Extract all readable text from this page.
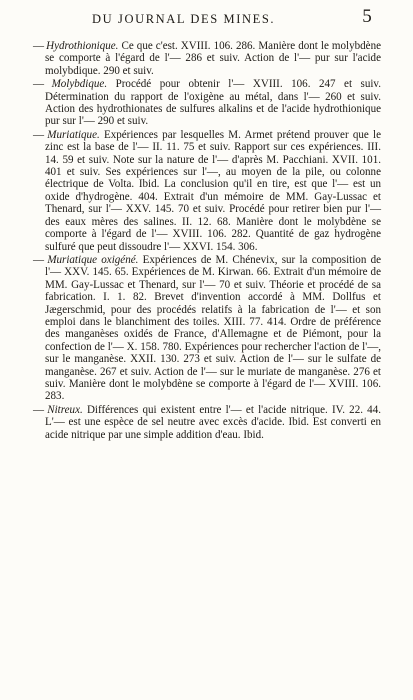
DU JOURNAL DES MINES.	5

— Hydrothionique. Ce que c'est. XVIII. 106. 286. Manière dont le molybdène se comporte à l'égard de l'— 286 et suiv. Action de l'— pur sur l'acide molybdique. 290 et suiv.

— Molybdique. Procédé pour obtenir l'— XVIII. 106. 247 et suiv. Détermination du rapport de l'oxigène au métal, dans l'— 260 et suiv. Action des hydrothionates de sulfures alkalins et de l'acide hydrothionique pur sur l'— 290 et suiv.

— Muriatique. Expériences par lesquelles M. Armet prétend prouver que le zinc est la base de l'— II. 11. 75 et suiv. Rapport sur ces expériences. III. 14. 59 et suiv. Note sur la nature de l'— d'après M. Pacchiani. XVII. 101. 401 et suiv. Ses expériences sur l'—, au moyen de la pile, ou colonne électrique de Volta. Ibid. La conclusion qu'il en tire, est que l'— est un oxide d'hydrogène. 404. Extrait d'un mémoire de MM. Gay-Lussac et Thenard, sur l'— XXV. 145. 70 et suiv. Procédé pour retirer bien pur l'— des eaux mères des salines. II. 12. 68. Manière dont le molybdène se comporte à l'égard de l'— XVIII. 106. 282. Quantité de gaz hydrogène sulfuré que peut dissoudre l'— XXVI. 154. 306.

— Muriatique oxigéné. Expériences de M. Chénevix, sur la composition de l'— XXV. 145. 65. Expériences de M. Kirwan. 66. Extrait d'un mémoire de MM. Gay-Lussac et Thenard, sur l'— 70 et suiv. Théorie et procédé de sa fabrication. I. 1. 82. Brevet d'invention accordé à MM. Dollfus et Jægerschmid, pour des procédés relatifs à la fabrication de l'— et son emploi dans le blanchiment des toiles. XIII. 77. 414. Ordre de préférence des manganèses oxidés de France, d'Allemagne et de Piémont, pour la confection de l'— X. 158. 780. Expériences pour rechercher l'action de l'—, sur le manganèse. XXII. 130. 273 et suiv. Action de l'— sur le sulfate de manganèse. 267 et suiv. Action de l'— sur le muriate de manganèse. 276 et suiv. Manière dont le molybdène se comporte à l'égard de l'— XVIII. 106. 283.

— Nitreux. Différences qui existent entre l'— et l'acide nitrique. IV. 22. 44. L'— est une espèce de sel neutre avec excès d'acide. Ibid. Est converti en acide nitrique par une simple addition d'eau. Ibid.
